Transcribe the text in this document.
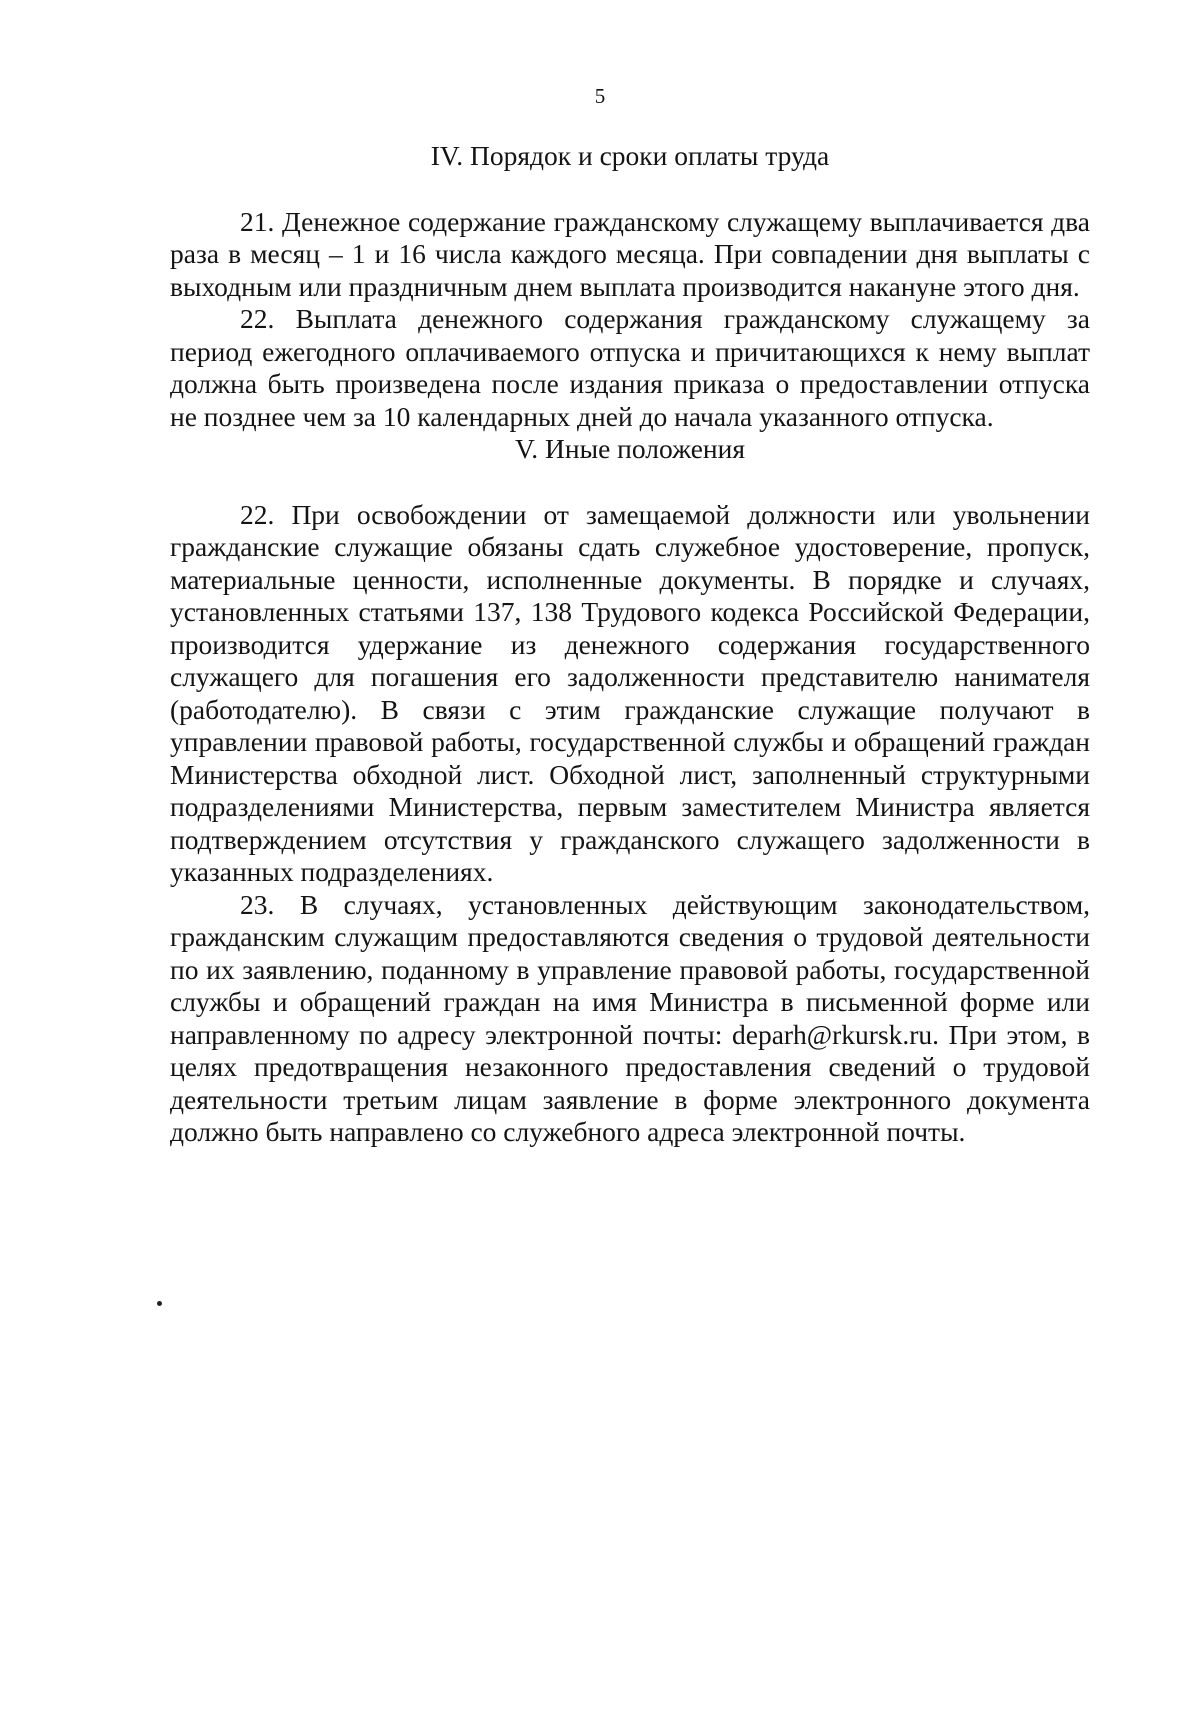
5

IV. Порядок и сроки оплаты труда

21. Денежное содержание гражданскому служащему выплачивается два раза в месяц – 1 и 16 числа каждого месяца. При совпадении дня выплаты с выходным или праздничным днем выплата производится накануне этого дня.

22. Выплата денежного содержания гражданскому служащему за период ежегодного оплачиваемого отпуска и причитающихся к нему выплат должна быть произведена после издания приказа о предоставлении отпуска не позднее чем за 10 календарных дней до начала указанного отпуска.

V. Иные положения

22. При освобождении от замещаемой должности или увольнении гражданские служащие обязаны сдать служебное удостоверение, пропуск, материальные ценности, исполненные документы. В порядке и случаях, установленных статьями 137, 138 Трудового кодекса Российской Федерации, производится удержание из денежного содержания государственного служащего для погашения его задолженности представителю нанимателя (работодателю). В связи с этим гражданские служащие получают в управлении правовой работы, государственной службы и обращений граждан Министерства обходной лист. Обходной лист, заполненный структурными подразделениями Министерства, первым заместителем Министра является подтверждением отсутствия у гражданского служащего задолженности в указанных подразделениях.

23. В случаях, установленных действующим законодательством, гражданским служащим предоставляются сведения о трудовой деятельности по их заявлению, поданному в управление правовой работы, государственной службы и обращений граждан на имя Министра в письменной форме или направленному по адресу электронной почты: deparh@rkursk.ru. При этом, в целях предотвращения незаконного предоставления сведений о трудовой деятельности третьим лицам заявление в форме электронного документа должно быть направлено со служебного адреса электронной почты.
